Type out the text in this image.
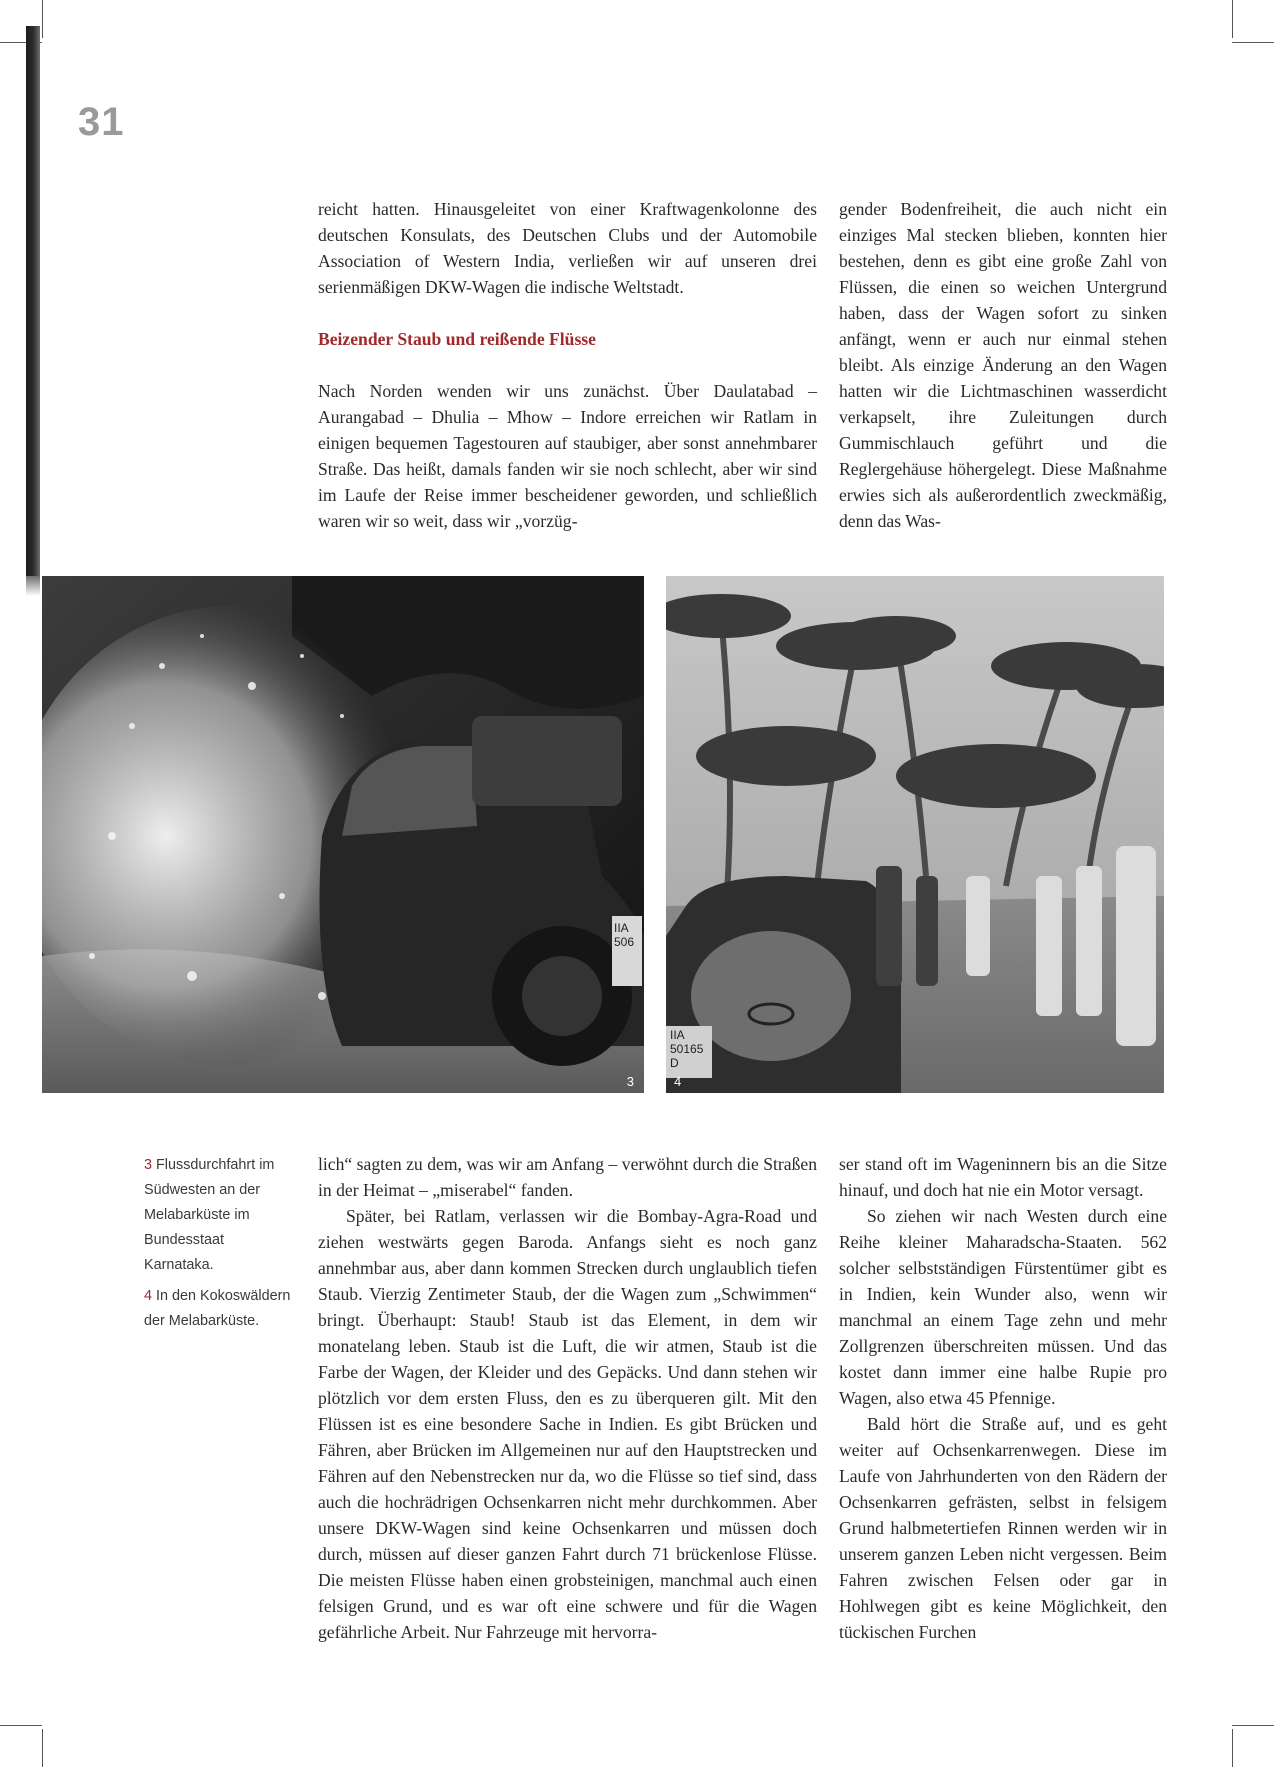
31

reicht hatten. Hinausgeleitet von einer Kraftwagenkolonne des deutschen Konsulats, des Deutschen Clubs und der Automobile Association of Western India, verließen wir auf unseren drei serienmäßigen DKW-Wagen die indische Weltstadt.

Beizender Staub und reißende Flüsse

Nach Norden wenden wir uns zunächst. Über Daulatabad – Aurangabad – Dhulia – Mhow – Indore erreichen wir Ratlam in einigen bequemen Tagestouren auf staubiger, aber sonst annehmbarer Straße. Das heißt, damals fanden wir sie noch schlecht, aber wir sind im Laufe der Reise immer bescheidener geworden, und schließlich waren wir so weit, dass wir „vorzüg-

gender Bodenfreiheit, die auch nicht ein einziges Mal stecken blieben, konnten hier bestehen, denn es gibt eine große Zahl von Flüssen, die einen so weichen Untergrund haben, dass der Wagen sofort zu sinken anfängt, wenn er auch nur einmal stehen bleibt. Als einzige Änderung an den Wagen hatten wir die Lichtmaschinen wasserdicht verkapselt, ihre Zuleitungen durch Gummischlauch geführt und die Reglergehäuse höhergelegt. Diese Maßnahme erwies sich als außerordentlich zweckmäßig, denn das Was-

3
IIA
506
4
IIA
50165
D
3 Flussdurchfahrt im Südwesten an der Melabarküste im Bundesstaat Karnataka.
4 In den Kokoswäldern der Melabarküste.

lich“ sagten zu dem, was wir am Anfang – verwöhnt durch die Straßen in der Heimat – „miserabel“ fanden.

Später, bei Ratlam, verlassen wir die Bombay-Agra-Road und ziehen westwärts gegen Baroda. Anfangs sieht es noch ganz annehmbar aus, aber dann kommen Strecken durch unglaublich tiefen Staub. Vierzig Zentimeter Staub, der die Wagen zum „Schwimmen“ bringt. Überhaupt: Staub! Staub ist das Element, in dem wir monatelang leben. Staub ist die Luft, die wir atmen, Staub ist die Farbe der Wagen, der Kleider und des Gepäcks. Und dann stehen wir plötzlich vor dem ersten Fluss, den es zu überqueren gilt. Mit den Flüssen ist es eine besondere Sache in Indien. Es gibt Brücken und Fähren, aber Brücken im Allgemeinen nur auf den Hauptstrecken und Fähren auf den Nebenstrecken nur da, wo die Flüsse so tief sind, dass auch die hochrädrigen Ochsenkarren nicht mehr durchkommen. Aber unsere DKW-Wagen sind keine Ochsenkarren und müssen doch durch, müssen auf dieser ganzen Fahrt durch 71 brückenlose Flüsse. Die meisten Flüsse haben einen grobsteinigen, manchmal auch einen felsigen Grund, und es war oft eine schwere und für die Wagen gefährliche Arbeit. Nur Fahrzeuge mit hervorra-

ser stand oft im Wageninnern bis an die Sitze hinauf, und doch hat nie ein Motor versagt.

So ziehen wir nach Westen durch eine Reihe kleiner Maharadscha-Staaten. 562 solcher selbstständigen Fürstentümer gibt es in Indien, kein Wunder also, wenn wir manchmal an einem Tage zehn und mehr Zollgrenzen überschreiten müssen. Und das kostet dann immer eine halbe Rupie pro Wagen, also etwa 45 Pfennige.

Bald hört die Straße auf, und es geht weiter auf Ochsenkarrenwegen. Diese im Laufe von Jahrhunderten von den Rädern der Ochsenkarren gefrästen, selbst in felsigem Grund halbmetertiefen Rinnen werden wir in unserem ganzen Leben nicht vergessen. Beim Fahren zwischen Felsen oder gar in Hohlwegen gibt es keine Möglichkeit, den tückischen Furchen
